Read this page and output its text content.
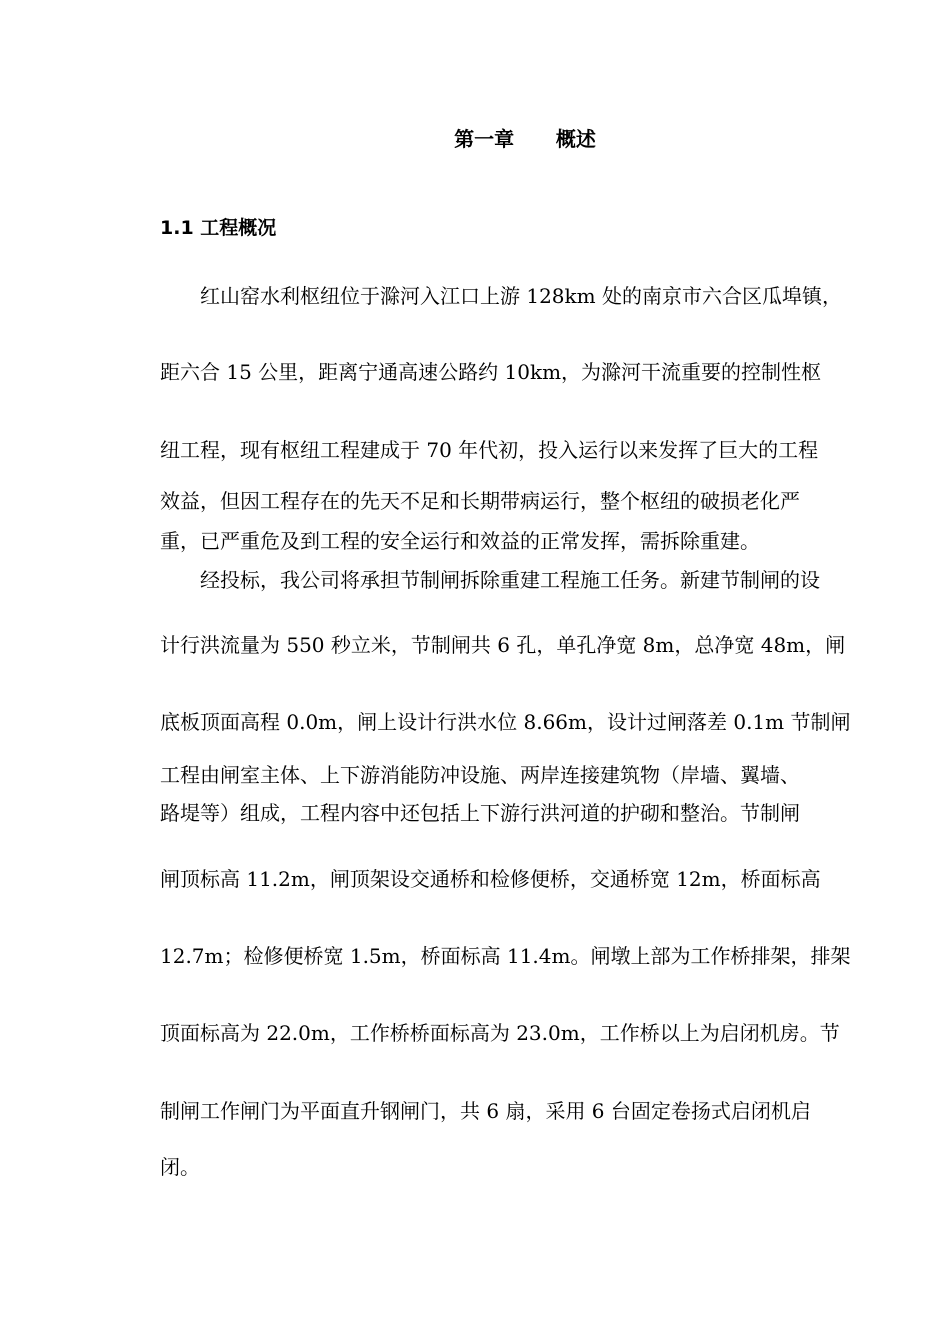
第一章      概述
1.1 工程概况
红山窑水利枢纽位于滁河入江口上游 128km 处的南京市六合区瓜埠镇，
距六合 15 公里，距离宁通高速公路约 10km，为滁河干流重要的控制性枢
纽工程，现有枢纽工程建成于 70 年代初，投入运行以来发挥了巨大的工程
效益，但因工程存在的先天不足和长期带病运行，整个枢纽的破损老化严
重，已严重危及到工程的安全运行和效益的正常发挥，需拆除重建。
经投标，我公司将承担节制闸拆除重建工程施工任务。新建节制闸的设
计行洪流量为 550 秒立米，节制闸共 6 孔，单孔净宽 8m，总净宽 48m，闸
底板顶面高程 0.0m，闸上设计行洪水位 8.66m，设计过闸落差 0.1m 节制闸
工程由闸室主体、上下游消能防冲设施、两岸连接建筑物（岸墙、翼墙、
路堤等）组成，工程内容中还包括上下游行洪河道的护砌和整治。节制闸
闸顶标高 11.2m，闸顶架设交通桥和检修便桥，交通桥宽 12m，桥面标高
12.7m；检修便桥宽 1.5m，桥面标高 11.4m。闸墩上部为工作桥排架，排架
顶面标高为 22.0m，工作桥桥面标高为 23.0m，工作桥以上为启闭机房。节
制闸工作闸门为平面直升钢闸门，共 6 扇，采用 6 台固定卷扬式启闭机启
闭。
